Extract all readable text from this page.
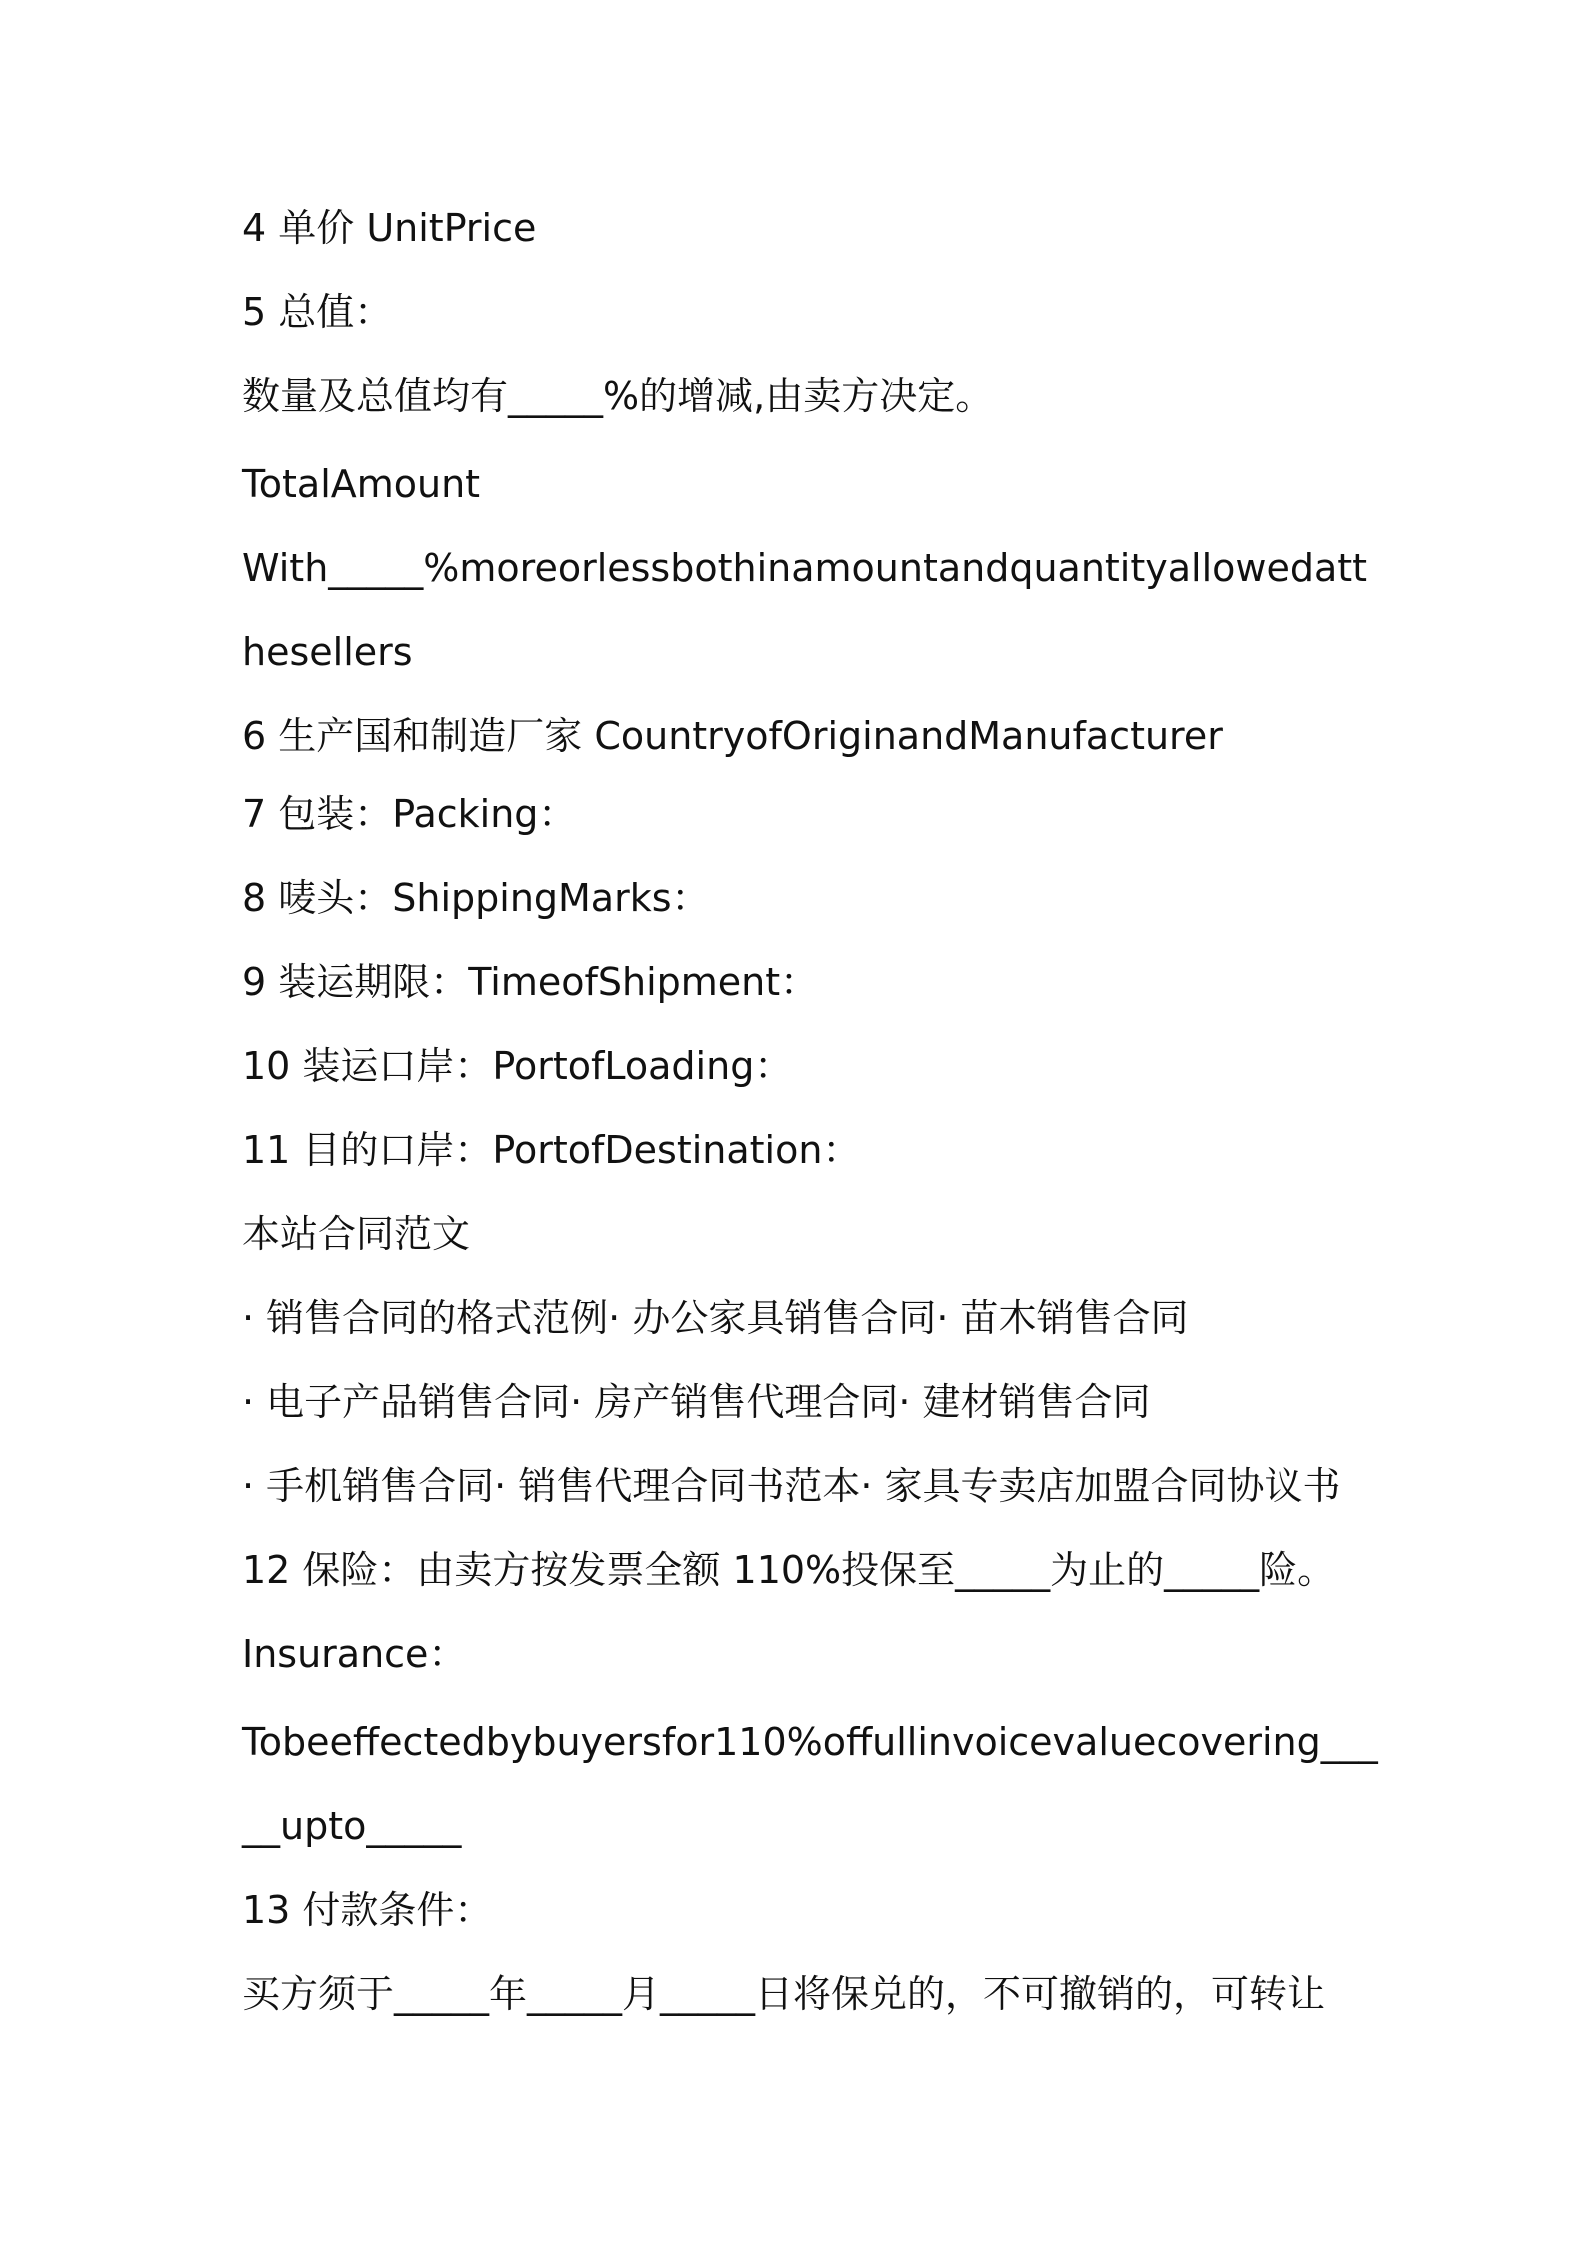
4 单价 UnitPrice
5 总值：
数量及总值均有_____%的增减,由卖方决定。
TotalAmount
With_____%moreorlessbothinamountandquantityallowedatt
hesellers
6 生产国和制造厂家 CountryofOriginandManufacturer
7 包装：Packing：
8 唛头：ShippingMarks：
9 装运期限：TimeofShipment：
10 装运口岸：PortofLoading：
11 目的口岸：PortofDestination：
本站合同范文
· 销售合同的格式范例· 办公家具销售合同· 苗木销售合同
· 电子产品销售合同· 房产销售代理合同· 建材销售合同
· 手机销售合同· 销售代理合同书范本· 家具专卖店加盟合同协议书
12 保险：由卖方按发票全额 110%投保至_____为止的_____险。
Insurance：
Tobeeffectedbybuyersfor110%offullinvoicevaluecovering___
__upto_____
13 付款条件：
买方须于_____年_____月_____日将保兑的，不可撤销的，可转让
